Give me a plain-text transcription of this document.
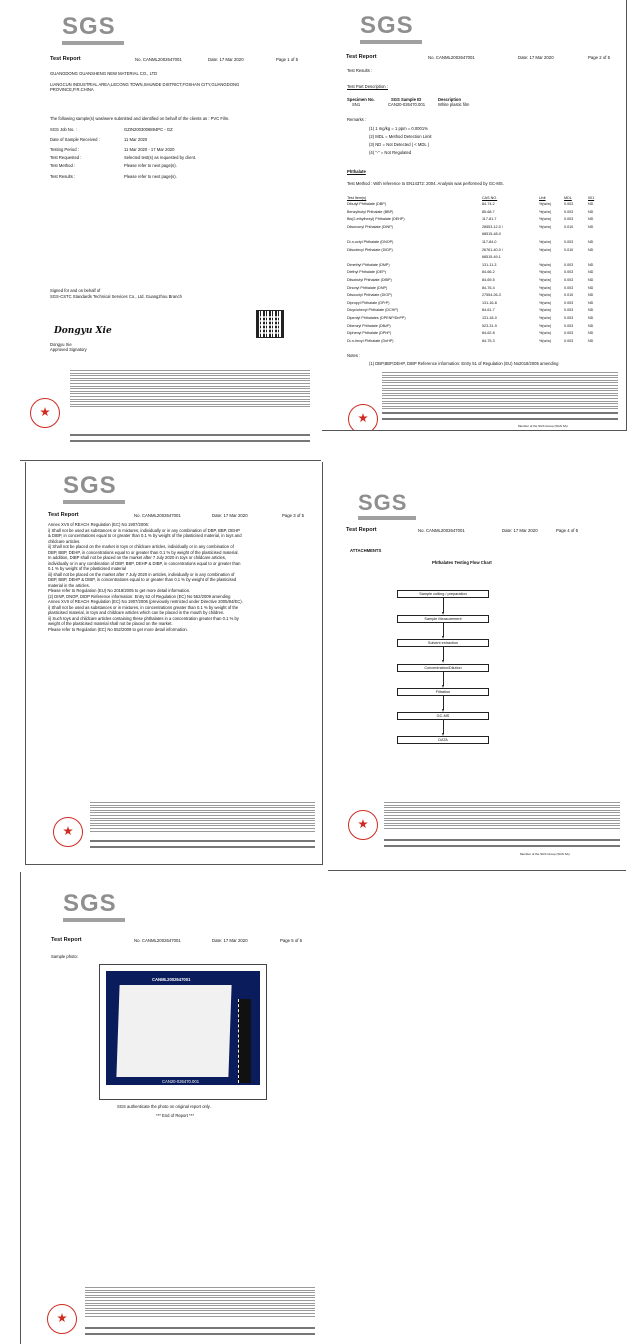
SGS
Test Report	No. CANML2002647001	Date: 17 Mar 2020	Page 1 of 5
GUANGDONG GUANSHENG NEW MATERIAL CO., LTD
LIANGCUN INDUSTRIAL AREA,LECONG TOWN,SHUNDE DISTRICT,FOSHAN CITY,GUANGDONG
PROVINCE,P.R.CHINA
The following sample(s) was/were submitted and identified on behalf of the clients as : PVC Film.
SGS Job No. :	GZIN2003006894PC - GZ
Date of Sample Received :	11 Mar 2020
Testing Period :	11 Mar 2020 - 17 Mar 2020
Test Requested :	Selected test(s) as requested by client.
Test Method :	Please refer to next page(s).
Test Results :	Please refer to next page(s).
Signed for and on behalf of
SGS-CSTC Standards Technical Services Co., Ltd. Guangzhou Branch
Dongyu Xie
Dongyu Xie
Approved Signatory
SGS
Test Report	No. CANML2002647001	Date: 17 Mar 2020	Page 2 of 5
Test Results :
Test Part Description :
Specimen No.	SGS Sample ID	Description
SN1	CAN20-026470.001	White plastic film
Remarks :
(1) 1 mg/kg = 1 ppm = 0.0001%
(2) MDL = Method Detection Limit
(3) ND = Not Detected ( < MDL )
(4) "-" = Not Regulated
Phthalate
Test Method : With reference to EN14372: 2004. Analysis was performed by GC-MS.
Test Item(s)	CAS NO.	Unit	MDL	001
Dibutyl Phthalate (DBP)	84-74-2	%(w/w)	0.003	ND
Benzylbutyl Phthalate (BBP)	85-68-7	%(w/w)	0.003	ND
Bis(2-ethylhexyl) Phthalate (DEHP)	117-81-7	%(w/w)	0.003	ND
Diisononyl Phthalate (DINP)	28553-12-0 /	%(w/w)	0.010	ND
68515-48-0
Di-n-octyl Phthalate (DNOP)	117-84-0	%(w/w)	0.003	ND
Diisodecyl Phthalate (DIDP)	26761-40-0 /	%(w/w)	0.010	ND
68515-49-1
Dimethyl Phthalate (DMP)	131-11-3	%(w/w)	0.003	ND
Diethyl Phthalate (DEP)	84-66-2	%(w/w)	0.003	ND
Diisobutyl Phthalate (DIBP)	84-69-5	%(w/w)	0.003	ND
Dinonyl Phthalate (DNP)	84-76-4	%(w/w)	0.003	ND
Diisooctyl Phthalate (DIOP)	27554-26-3	%(w/w)	0.010	ND
Dipropyl Phthalate (DPrP)	131-16-8	%(w/w)	0.003	ND
Dicyclohexyl Phthalate (DCHP)	84-61-7	%(w/w)	0.003	ND
Dipentyl Phthalates (DPENP/DnPP)	131-18-0	%(w/w)	0.003	ND
Dibenzyl Phthalate (DBzP)	523-31-9	%(w/w)	0.003	ND
Diphenyl Phthalate (DPhP)	84-62-8	%(w/w)	0.003	ND
Di-n-hexyl Phthalate (DnHP)	84-75-3	%(w/w)	0.003	ND
Notes :
(1) DBP,BBP,DEHP, DIBP Reference information: Entry 51 of Regulation (EU) No2018/2005 amending
Member of the SGS Group (SGS SA)
SGS
Test Report	No. CANML2002647001	Date: 17 Mar 2020	Page 3 of 5
Annex XVII of REACH Regulation (EC) No 1907/2006:
i) Shall not be used as substances or in mixtures, individually or in any combination of DBP, BBP, DEHP
& DIBP, in concentrations equal to or greater than 0.1 % by weight of the plasticised material, in toys and
childcare articles.
ii) Shall not be placed on the market in toys or childcare articles, individually or in any combination of
DBP, BBP, DEHP, in concentrations equal to or greater than 0.1 % by weight of the plasticised material.
In addition, DIBP shall not be placed on the market after 7 July 2020 in toys or childcare articles,
individually or in any combination of DBP, BBP, DEHP & DIBP, in concentrations equal to or greater than
0.1 % by weight of the plasticised material
iii) shall not be placed on the market after 7 July 2020 in articles, individually or in any combination of
DBP, BBP, DEHP & DIBP, in concentrations equal to or greater than 0.1 % by weight of the plasticised
material in the articles.
Please refer to Regulation (EU) No 2018/2005 to get more detail information.
(2) DINP, DNOP, DIDP Reference information: Entry 52 of Regulation (EC) No 552/2009 amending
Annex XVII of REACH Regulation (EC) No 1907/2006 (previously restricted under Directive 2005/84/EC).
i) Shall not be used as substances or in mixtures, in concentrations greater than 0.1 % by weight of the
plasticised material, in toys and childcare articles which can be placed in the mouth by children.
ii) Such toys and childcare articles containing these phthalates in a concentration greater than 0.1 % by
weight of the plasticised material shall not be placed on the market.
Please refer to Regulation (EC) No 552/2009 to get more detail information.
SGS
Test Report	No. CANML2002647001	Date: 17 Mar 2020	Page 4 of 5
ATTACHMENTS
Phthalates Testing Flow Chart
Sample cutting / preparation
Sample Measurement
Solvent extraction
Concentration/Dilution
Filtration
GC-MS
DATA
Member of the SGS Group (SGS SA)
SGS
Test Report	No. CANML2002647001	Date: 17 Mar 2020	Page 5 of 5
Sample photo:
CANML2002647001
CAN20-026470.001
SGS authenticate the photo on original report only.
*** End of Report ***
